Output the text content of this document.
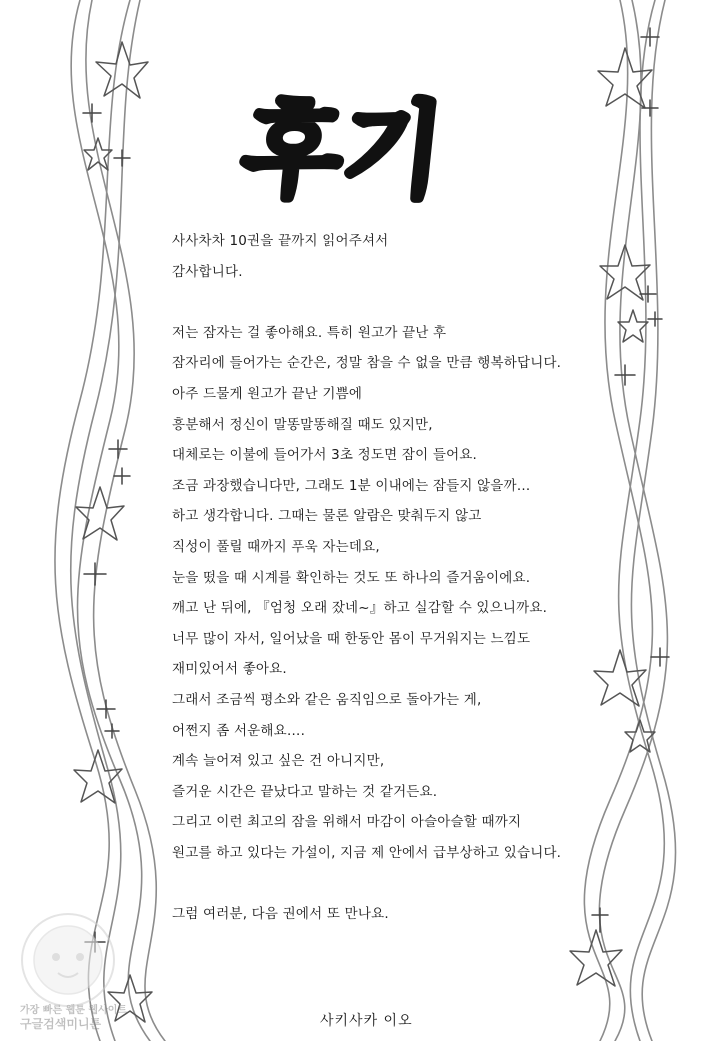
후기
사사차차 10권을 끝까지 읽어주셔서
감사합니다.
저는 잠자는 걸 좋아해요. 특히 원고가 끝난 후
잠자리에 들어가는 순간은, 정말 참을 수 없을 만큼 행복하답니다.
아주 드물게 원고가 끝난 기쁨에
흥분해서 정신이 말똥말똥해질 때도 있지만,
대체로는 이불에 들어가서 3초 정도면 잠이 들어요.
조금 과장했습니다만, 그래도 1분 이내에는 잠들지 않을까…
하고 생각합니다. 그때는 물론 알람은 맞춰두지 않고
직성이 풀릴 때까지 푸욱 자는데요,
눈을 떴을 때 시계를 확인하는 것도 또 하나의 즐거움이에요.
깨고 난 뒤에, 『엄청 오래 잤네~』하고 실감할 수 있으니까요.
너무 많이 자서, 일어났을 때 한동안 몸이 무거워지는 느낌도
재미있어서 좋아요.
그래서 조금씩 평소와 같은 움직임으로 돌아가는 게,
어쩐지 좀 서운해요….
계속 늘어져 있고 싶은 건 아니지만,
즐거운 시간은 끝났다고 말하는 것 같거든요.
그리고 이런 최고의 잠을 위해서 마감이 아슬아슬할 때까지
원고를 하고 있다는 가설이, 지금 제 안에서 급부상하고 있습니다.
그럼 여러분, 다음 권에서 또 만나요.
사키사카 이오
가장 빠른 웹툰 웹사이트
구글검색미니툰
